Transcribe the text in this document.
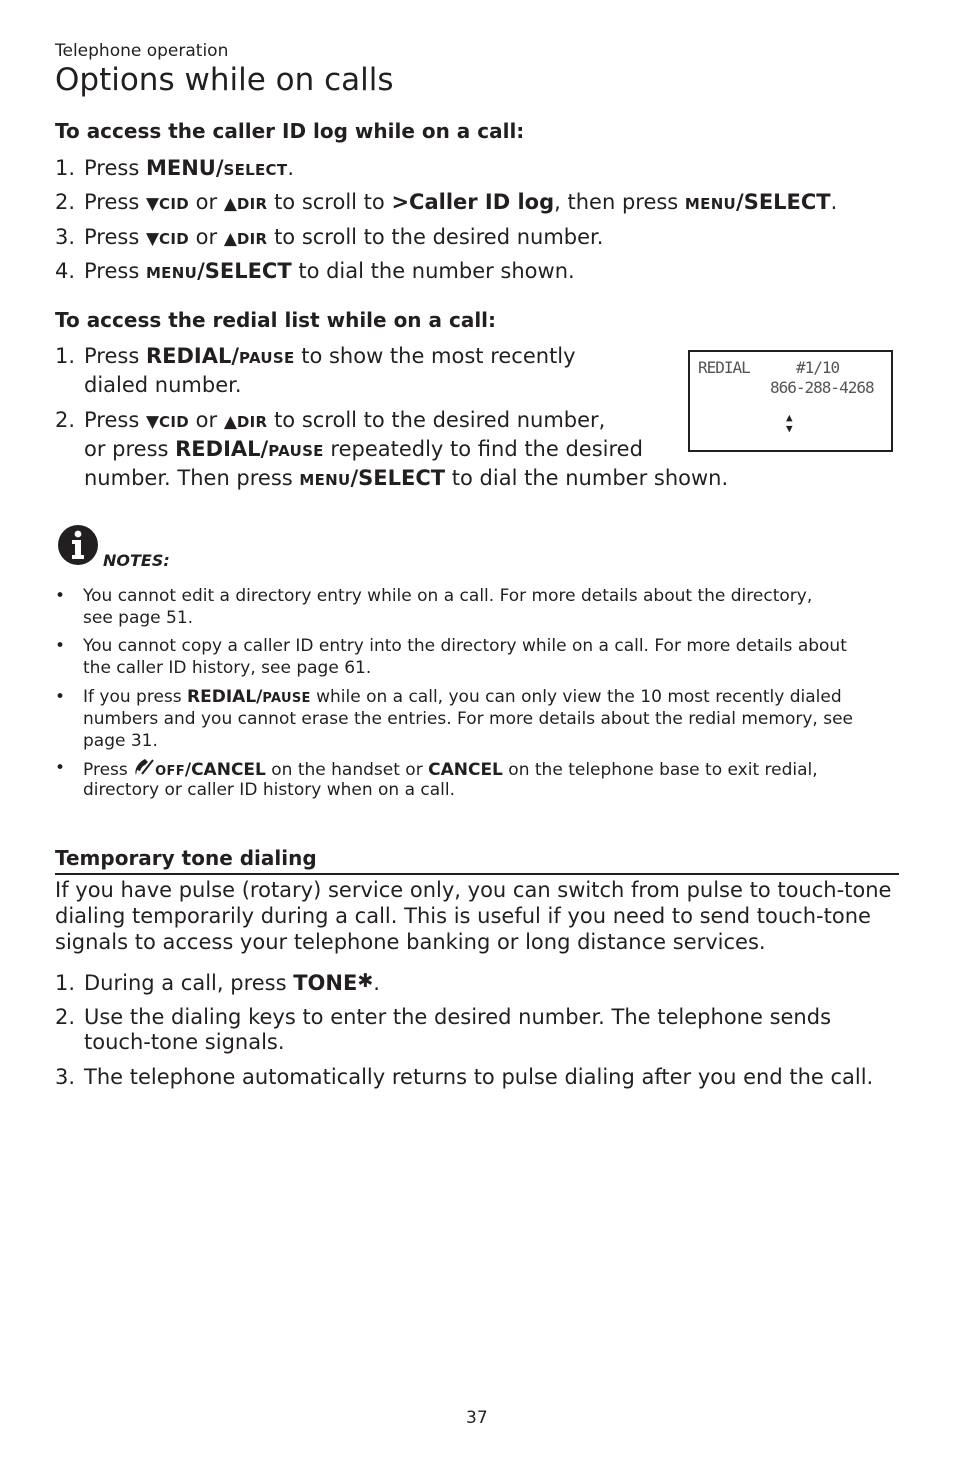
Telephone operation
Options while on calls
To access the caller ID log while on a call:
1. Press MENU/SELECT.
2. Press ▼CID or ▲DIR to scroll to >Caller ID log, then press MENU/SELECT.
3. Press ▼CID or ▲DIR to scroll to the desired number.
4. Press MENU/SELECT to dial the number shown.
To access the redial list while on a call:
1. Press REDIAL/PAUSE to show the most recently
dialed number.
2. Press ▼CID or ▲DIR to scroll to the desired number,
or press REDIAL/PAUSE repeatedly to find the desired
number. Then press MENU/SELECT to dial the number shown.
REDIAL	#1/10
866-288-4268
▲
▼
NOTES:
• You cannot edit a directory entry while on a call. For more details about the directory,
see page 51.
• You cannot copy a caller ID entry into the directory while on a call. For more details about
the caller ID history, see page 61.
• If you press REDIAL/PAUSE while on a call, you can only view the 10 most recently dialed
numbers and you cannot erase the entries. For more details about the redial memory, see
page 31.
• Press OFF/CANCEL on the handset or CANCEL on the telephone base to exit redial,
directory or caller ID history when on a call.
Temporary tone dialing
If you have pulse (rotary) service only, you can switch from pulse to touch-tone
dialing temporarily during a call. This is useful if you need to send touch-tone
signals to access your telephone banking or long distance services.
1. During a call, press TONE✱.
2. Use the dialing keys to enter the desired number. The telephone sends
touch-tone signals.
3. The telephone automatically returns to pulse dialing after you end the call.
37
